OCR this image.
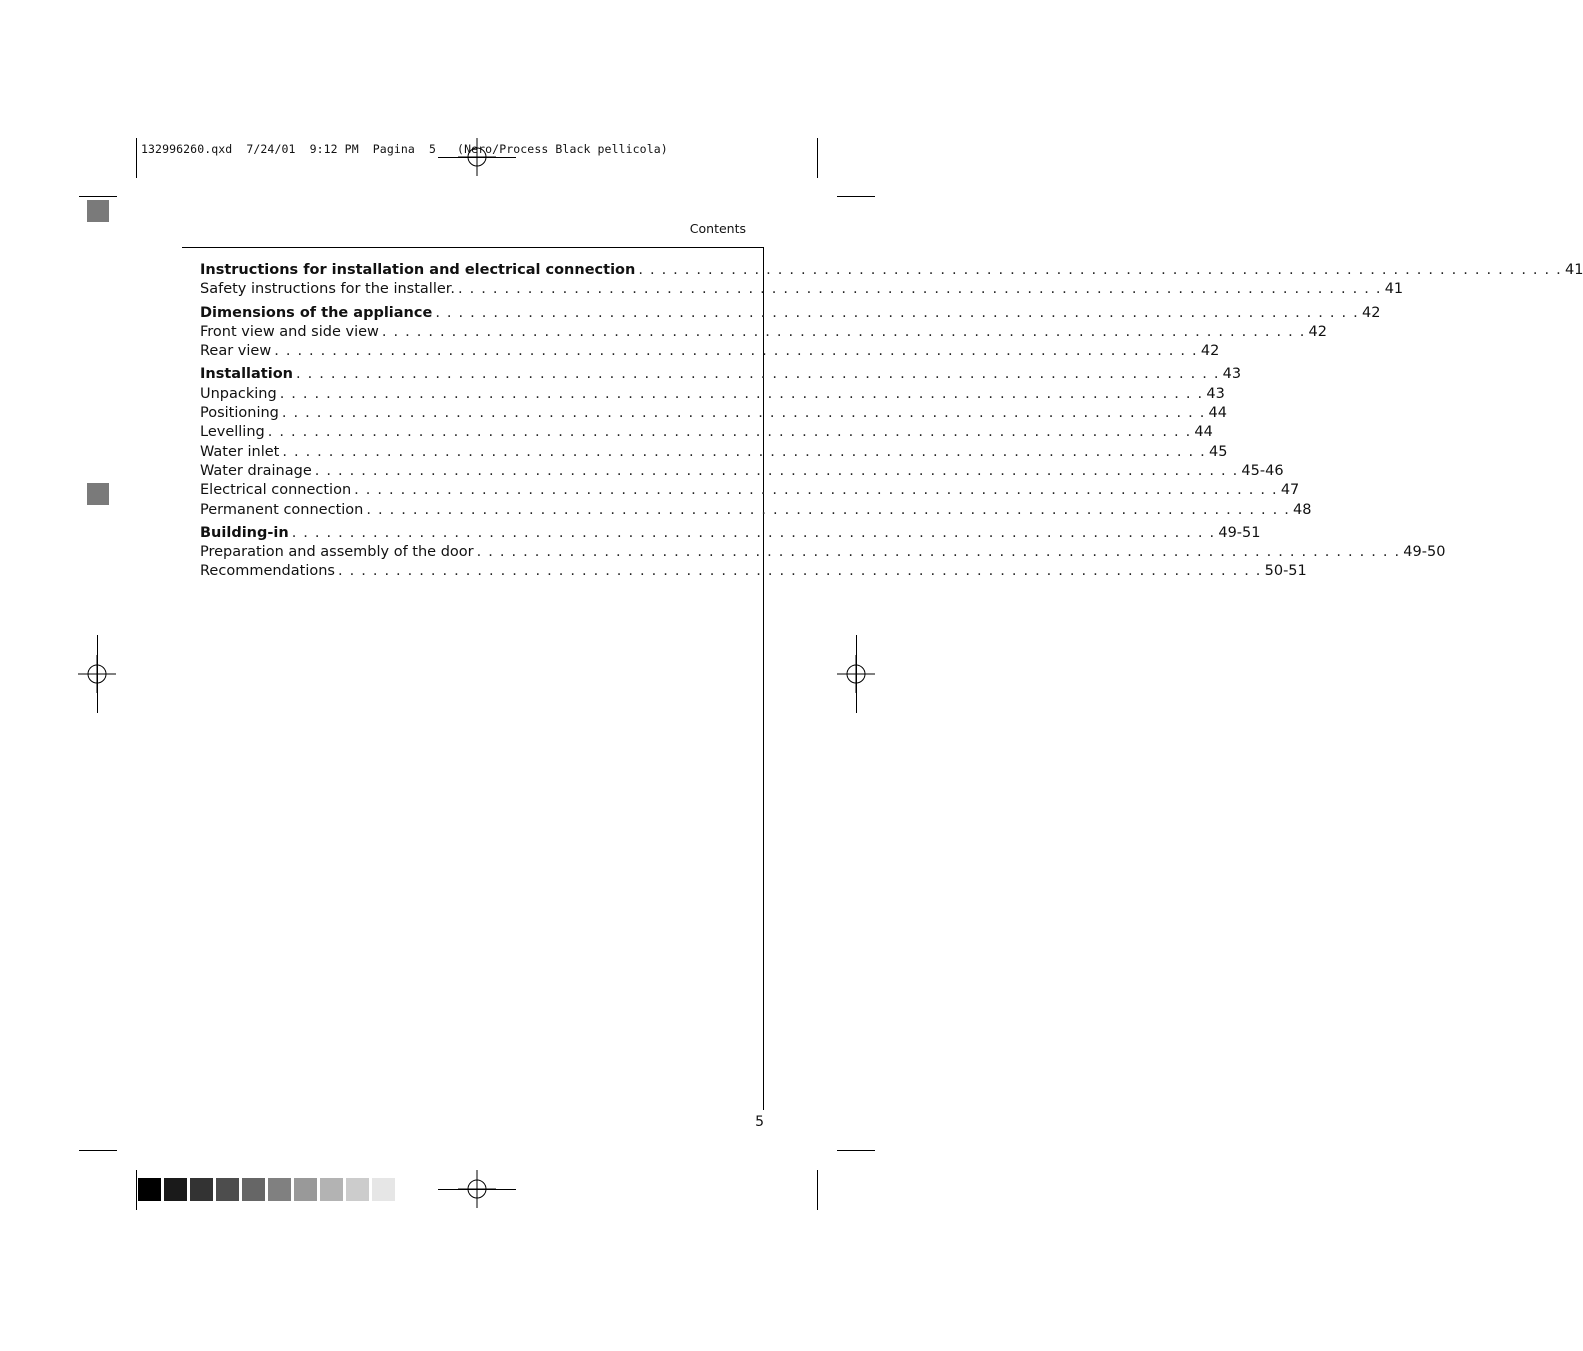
132996260.qxd  7/24/01  9:12 PM  Pagina  5   (Nero/Process Black pellicola)
Contents
Instructions for installation and electrical connection . . . . . . . . . . . . . . . . . . . . . . . . . . . . . . . . . . . . . . . . . . . . . . . . . . . . . . . . . . . . . . . . . . . . . . . . . . . . . . . . 41
Safety instructions for the installer. . . . . . . . . . . . . . . . . . . . . . . . . . . . . . . . . . . . . . . . . . . . . . . . . . . . . . . . . . . . . . . . . . . . . . . . . . . . . . . . . 41
Dimensions of the appliance . . . . . . . . . . . . . . . . . . . . . . . . . . . . . . . . . . . . . . . . . . . . . . . . . . . . . . . . . . . . . . . . . . . . . . . . . . . . . . . . 42
Front view and side view . . . . . . . . . . . . . . . . . . . . . . . . . . . . . . . . . . . . . . . . . . . . . . . . . . . . . . . . . . . . . . . . . . . . . . . . . . . . . . . . 42
Rear view . . . . . . . . . . . . . . . . . . . . . . . . . . . . . . . . . . . . . . . . . . . . . . . . . . . . . . . . . . . . . . . . . . . . . . . . . . . . . . . . 42
Installation . . . . . . . . . . . . . . . . . . . . . . . . . . . . . . . . . . . . . . . . . . . . . . . . . . . . . . . . . . . . . . . . . . . . . . . . . . . . . . . . 43
Unpacking . . . . . . . . . . . . . . . . . . . . . . . . . . . . . . . . . . . . . . . . . . . . . . . . . . . . . . . . . . . . . . . . . . . . . . . . . . . . . . . . 43
Positioning . . . . . . . . . . . . . . . . . . . . . . . . . . . . . . . . . . . . . . . . . . . . . . . . . . . . . . . . . . . . . . . . . . . . . . . . . . . . . . . . 44
Levelling . . . . . . . . . . . . . . . . . . . . . . . . . . . . . . . . . . . . . . . . . . . . . . . . . . . . . . . . . . . . . . . . . . . . . . . . . . . . . . . . 44
Water inlet . . . . . . . . . . . . . . . . . . . . . . . . . . . . . . . . . . . . . . . . . . . . . . . . . . . . . . . . . . . . . . . . . . . . . . . . . . . . . . . . 45
Water drainage . . . . . . . . . . . . . . . . . . . . . . . . . . . . . . . . . . . . . . . . . . . . . . . . . . . . . . . . . . . . . . . . . . . . . . . . . . . . . . . . 45-46
Electrical connection . . . . . . . . . . . . . . . . . . . . . . . . . . . . . . . . . . . . . . . . . . . . . . . . . . . . . . . . . . . . . . . . . . . . . . . . . . . . . . . . 47
Permanent connection . . . . . . . . . . . . . . . . . . . . . . . . . . . . . . . . . . . . . . . . . . . . . . . . . . . . . . . . . . . . . . . . . . . . . . . . . . . . . . . . 48
Building-in . . . . . . . . . . . . . . . . . . . . . . . . . . . . . . . . . . . . . . . . . . . . . . . . . . . . . . . . . . . . . . . . . . . . . . . . . . . . . . . . 49-51
Preparation and assembly of the door . . . . . . . . . . . . . . . . . . . . . . . . . . . . . . . . . . . . . . . . . . . . . . . . . . . . . . . . . . . . . . . . . . . . . . . . . . . . . . . . 49-50
Recommendations . . . . . . . . . . . . . . . . . . . . . . . . . . . . . . . . . . . . . . . . . . . . . . . . . . . . . . . . . . . . . . . . . . . . . . . . . . . . . . . . 50-51
5
